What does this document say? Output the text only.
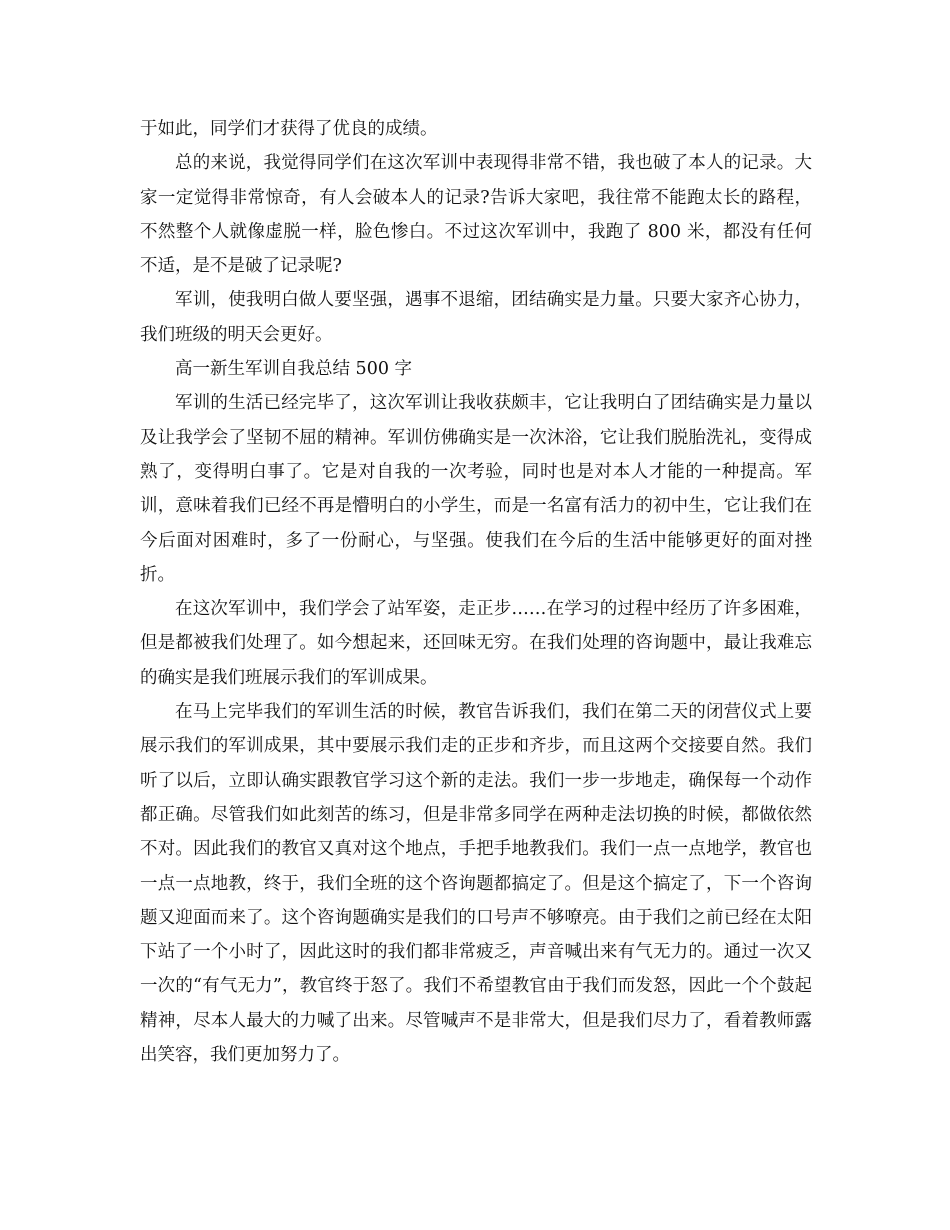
于如此，同学们才获得了优良的成绩。

总的来说，我觉得同学们在这次军训中表现得非常不错，我也破了本人的记录。大家一定觉得非常惊奇，有人会破本人的记录?告诉大家吧，我往常不能跑太长的路程，不然整个人就像虚脱一样，脸色惨白。不过这次军训中，我跑了 800 米，都没有任何不适，是不是破了记录呢?

军训，使我明白做人要坚强，遇事不退缩，团结确实是力量。只要大家齐心协力，我们班级的明天会更好。

高一新生军训自我总结 500 字

军训的生活已经完毕了，这次军训让我收获颇丰，它让我明白了团结确实是力量以及让我学会了坚韧不屈的精神。军训仿佛确实是一次沐浴，它让我们脱胎洗礼，变得成熟了，变得明白事了。它是对自我的一次考验，同时也是对本人才能的一种提高。军训，意味着我们已经不再是懵明白的小学生，而是一名富有活力的初中生，它让我们在今后面对困难时，多了一份耐心，与坚强。使我们在今后的生活中能够更好的面对挫折。

在这次军训中，我们学会了站军姿，走正步……在学习的过程中经历了许多困难，但是都被我们处理了。如今想起来，还回味无穷。在我们处理的咨询题中，最让我难忘的确实是我们班展示我们的军训成果。

在马上完毕我们的军训生活的时候，教官告诉我们，我们在第二天的闭营仪式上要展示我们的军训成果，其中要展示我们走的正步和齐步，而且这两个交接要自然。我们听了以后，立即认确实跟教官学习这个新的走法。我们一步一步地走，确保每一个动作都正确。尽管我们如此刻苦的练习，但是非常多同学在两种走法切换的时候，都做依然不对。因此我们的教官又真对这个地点，手把手地教我们。我们一点一点地学，教官也一点一点地教，终于，我们全班的这个咨询题都搞定了。但是这个搞定了，下一个咨询题又迎面而来了。这个咨询题确实是我们的口号声不够嘹亮。由于我们之前已经在太阳下站了一个小时了，因此这时的我们都非常疲乏，声音喊出来有气无力的。通过一次又一次的“有气无力”，教官终于怒了。我们不希望教官由于我们而发怒，因此一个个鼓起精神，尽本人最大的力喊了出来。尽管喊声不是非常大，但是我们尽力了，看着教师露出笑容，我们更加努力了。
